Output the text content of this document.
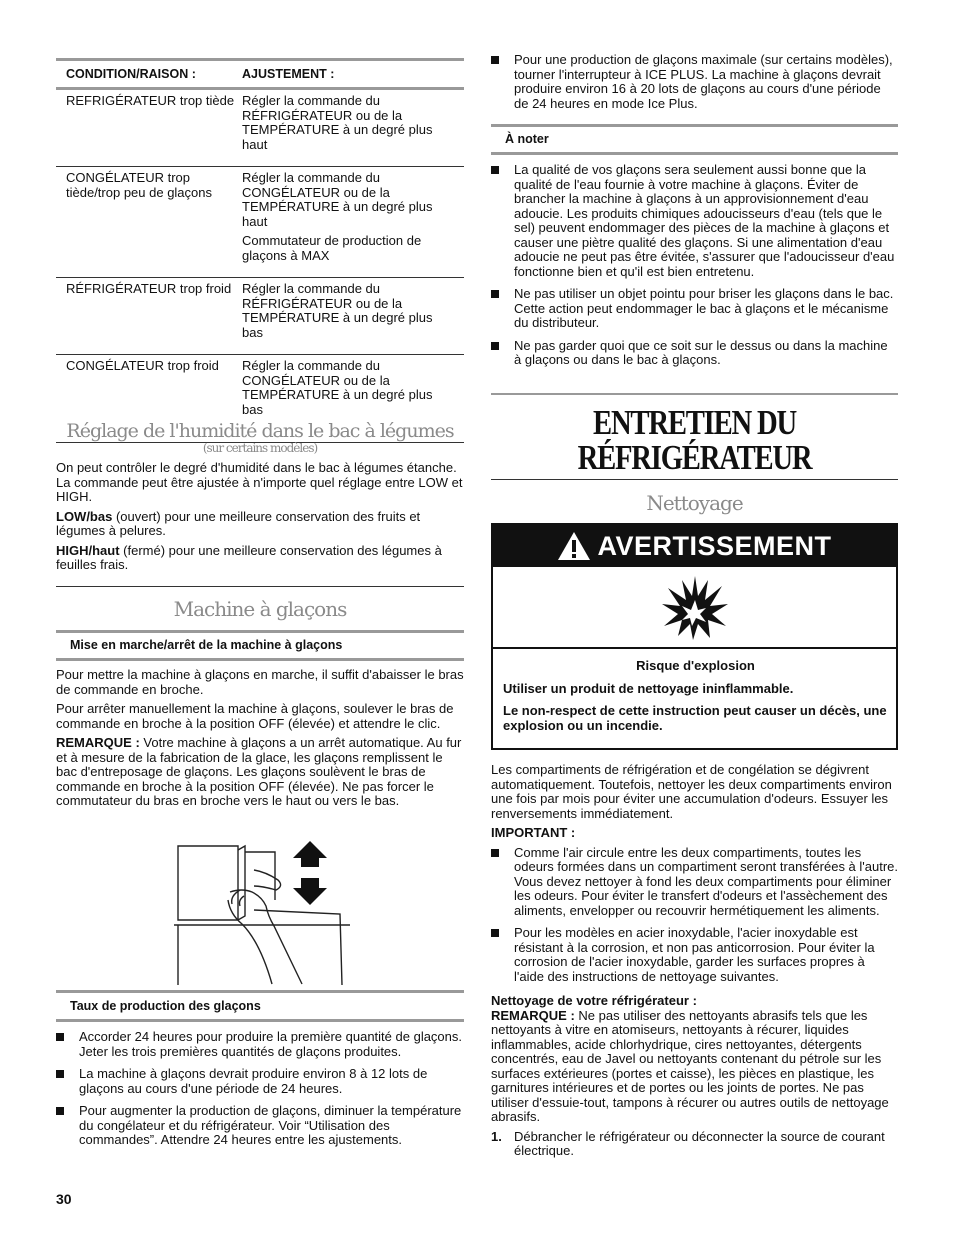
CONDITION/RAISON :	AJUSTEMENT :
REFRIGÉRATEUR trop tiède Régler la commande du RÉFRIGÉRATEUR ou de la TEMPÉRATURE à un degré plus haut
CONGÉLATEUR trop tiède/trop peu de glaçons

Régler la commande du CONGÉLATEUR ou de la TEMPÉRATURE à un degré plus haut

Commutateur de production de glaçons à MAX

RÉFRIGÉRATEUR trop froid Régler la commande du RÉFRIGÉRATEUR ou de la TEMPÉRATURE à un degré plus bas
CONGÉLATEUR trop froid	Régler la commande du CONGÉLATEUR ou de la TEMPÉRATURE à un degré plus bas
Réglage de l'humidité dans le bac à légumes
(sur certains modèles)

On peut contrôler le degré d'humidité dans le bac à légumes étanche. La commande peut être ajustée à n'importe quel réglage entre LOW et HIGH.

LOW/bas (ouvert) pour une meilleure conservation des fruits et légumes à pelures.

HIGH/haut (fermé) pour une meilleure conservation des légumes à feuilles frais.

Machine à glaçons
Mise en marche/arrêt de la machine à glaçons

Pour mettre la machine à glaçons en marche, il suffit d'abaisser le bras de commande en broche.

Pour arrêter manuellement la machine à glaçons, soulever le bras de commande en broche à la position OFF (élevée) et attendre le clic.

REMARQUE : Votre machine à glaçons a un arrêt automatique. Au fur et à mesure de la fabrication de la glace, les glaçons remplissent le bac d'entreposage de glaçons. Les glaçons soulèvent le bras de commande en broche à la position OFF (élevée). Ne pas forcer le commutateur du bras en broche vers le haut ou vers le bas.

Taux de production des glaçons
Accorder 24 heures pour produire la première quantité de glaçons. Jeter les trois premières quantités de glaçons produites.
La machine à glaçons devrait produire environ 8 à 12 lots de glaçons au cours d'une période de 24 heures.
Pour augmenter la production de glaçons, diminuer la température du congélateur et du réfrigérateur. Voir “Utilisation des commandes”. Attendre 24 heures entre les ajustements.
30
Pour une production de glaçons maximale (sur certains modèles), tourner l'interrupteur à ICE PLUS. La machine à glaçons devrait produire environ 16 à 20 lots de glaçons au cours d'une période de 24 heures en mode Ice Plus.
À noter
La qualité de vos glaçons sera seulement aussi bonne que la qualité de l'eau fournie à votre machine à glaçons. Éviter de brancher la machine à glaçons à un approvisionnement d'eau adoucie. Les produits chimiques adoucisseurs d'eau (tels que le sel) peuvent endommager des pièces de la machine à glaçons et causer une piètre qualité des glaçons. Si une alimentation d'eau adoucie ne peut pas être évitée, s'assurer que l'adoucisseur d'eau fonctionne bien et qu'il est bien entretenu.
Ne pas utiliser un objet pointu pour briser les glaçons dans le bac. Cette action peut endommager le bac à glaçons et le mécanisme du distributeur.
Ne pas garder quoi que ce soit sur le dessus ou dans la machine à glaçons ou dans le bac à glaçons.
ENTRETIEN DU
RÉFRIGÉRATEUR
Nettoyage
AVERTISSEMENT

Risque d'explosion

Utiliser un produit de nettoyage ininflammable.

Le non-respect de cette instruction peut causer un décès, une explosion ou un incendie.

Les compartiments de réfrigération et de congélation se dégivrent automatiquement. Toutefois, nettoyer les deux compartiments environ une fois par mois pour éviter une accumulation d'odeurs. Essuyer les renversements immédiatement.

IMPORTANT :

Comme l'air circule entre les deux compartiments, toutes les odeurs formées dans un compartiment seront transférées à l'autre. Vous devez nettoyer à fond les deux compartiments pour éliminer les odeurs. Pour éviter le transfert d'odeurs et l'assèchement des aliments, envelopper ou recouvrir hermétiquement les aliments.
Pour les modèles en acier inoxydable, l'acier inoxydable est résistant à la corrosion, et non pas anticorrosion. Pour éviter la corrosion de l'acier inoxydable, garder les surfaces propres à l'aide des instructions de nettoyage suivantes.

Nettoyage de votre réfrigérateur :

REMARQUE : Ne pas utiliser des nettoyants abrasifs tels que les nettoyants à vitre en atomiseurs, nettoyants à récurer, liquides inflammables, acide chlorhydrique, cires nettoyantes, détergents concentrés, eau de Javel ou nettoyants contenant du pétrole sur les surfaces extérieures (portes et caisse), les pièces en plastique, les garnitures intérieures et de portes ou les joints de portes. Ne pas utiliser d'essuie-tout, tampons à récurer ou autres outils de nettoyage abrasifs.

1. Débrancher le réfrigérateur ou déconnecter la source de courant électrique.
